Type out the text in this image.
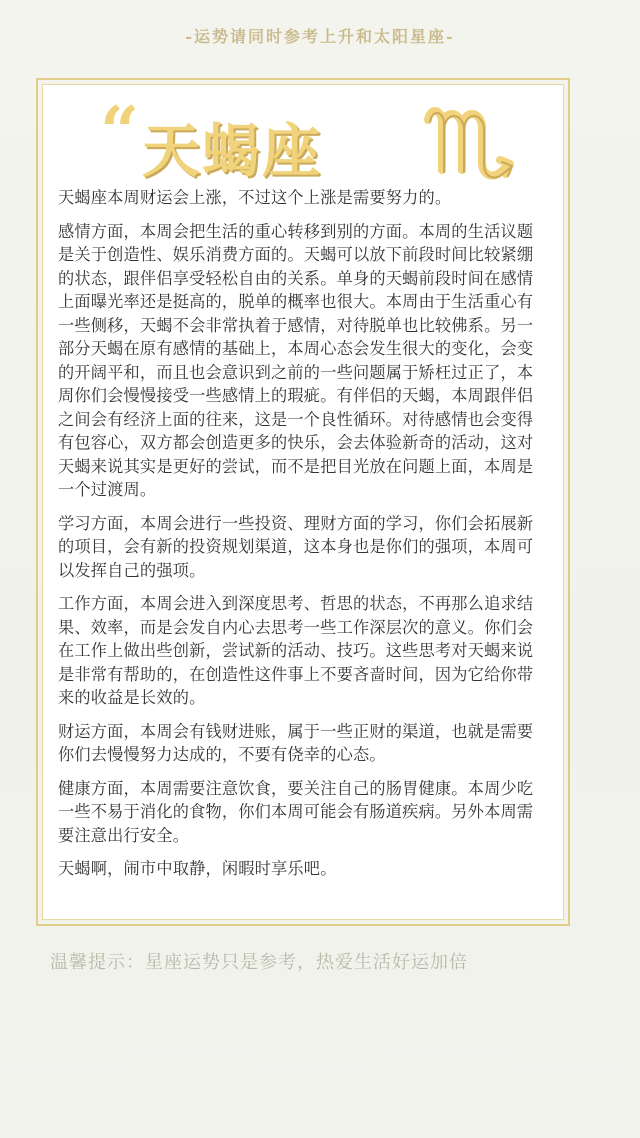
-运势请同时参考上升和太阳星座-
“ 天蝎座

天蝎座本周财运会上涨，不过这个上涨是需要努力的。

感情方面，本周会把生活的重心转移到别的方面。本周的生活议题是关于创造性、娱乐消费方面的。天蝎可以放下前段时间比较紧绷的状态，跟伴侣享受轻松自由的关系。单身的天蝎前段时间在感情上面曝光率还是挺高的，脱单的概率也很大。本周由于生活重心有一些侧移，天蝎不会非常执着于感情，对待脱单也比较佛系。另一部分天蝎在原有感情的基础上，本周心态会发生很大的变化，会变的开阔平和，而且也会意识到之前的一些问题属于矫枉过正了，本周你们会慢慢接受一些感情上的瑕疵。有伴侣的天蝎，本周跟伴侣之间会有经济上面的往来，这是一个良性循环。对待感情也会变得有包容心，双方都会创造更多的快乐，会去体验新奇的活动，这对天蝎来说其实是更好的尝试，而不是把目光放在问题上面，本周是一个过渡周。

学习方面，本周会进行一些投资、理财方面的学习，你们会拓展新的项目，会有新的投资规划渠道，这本身也是你们的强项，本周可以发挥自己的强项。

工作方面，本周会进入到深度思考、哲思的状态，不再那么追求结果、效率，而是会发自内心去思考一些工作深层次的意义。你们会在工作上做出些创新，尝试新的活动、技巧。这些思考对天蝎来说是非常有帮助的，在创造性这件事上不要吝啬时间，因为它给你带来的收益是长效的。

财运方面，本周会有钱财进账，属于一些正财的渠道，也就是需要你们去慢慢努力达成的，不要有侥幸的心态。

健康方面，本周需要注意饮食，要关注自己的肠胃健康。本周少吃一些不易于消化的食物，你们本周可能会有肠道疾病。另外本周需要注意出行安全。

天蝎啊，闹市中取静，闲暇时享乐吧。

温馨提示：星座运势只是参考，热爱生活好运加倍
